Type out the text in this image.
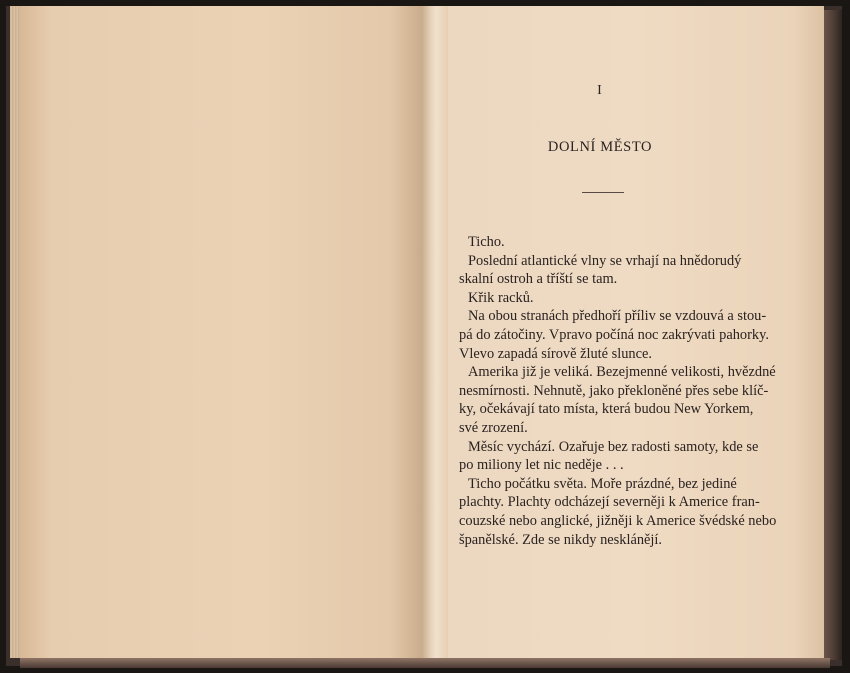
I
DOLNÍ MĚSTO

Ticho.

Poslední atlantické vlny se vrhají na hnědorudý
skalní ostroh a tříští se tam.

Křik racků.

Na obou stranách předhoří příliv se vzdouvá a stou-
pá do zátočiny. Vpravo počíná noc zakrývati pahorky.
Vlevo zapadá sírově žluté slunce.

Amerika již je veliká. Bezejmenné velikosti, hvězdné
nesmírnosti. Nehnutě, jako překloněné přes sebe klíč-
ky, očekávají tato místa, která budou New Yorkem,
své zrození.

Měsíc vychází. Ozařuje bez radosti samoty, kde se
po miliony let nic neděje . . .

Ticho počátku světa. Moře prázdné, bez jediné
plachty. Plachty odcházejí severněji k Americe fran-
couzské nebo anglické, jižněji k Americe švédské nebo
španělské. Zde se nikdy nesklánějí.
